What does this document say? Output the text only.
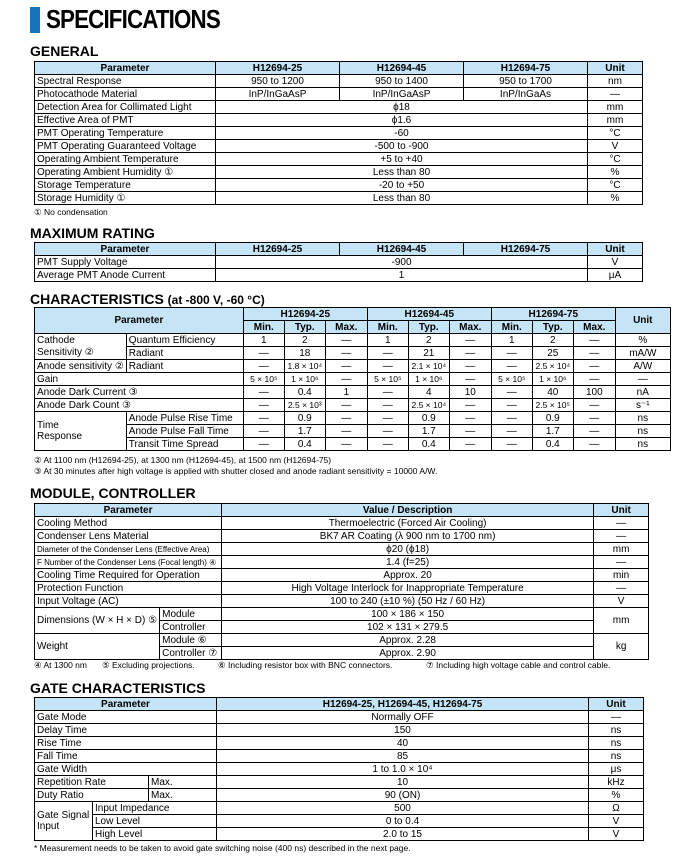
SPECIFICATIONS
GENERAL
Parameter	H12694-25	H12694-45	H12694-75	Unit
Spectral Response	950 to 1200	950 to 1400	950 to 1700	nm
Photocathode Material	InP/InGaAsP	InP/InGaAsP	InP/InGaAs	—
Detection Area for Collimated Light	ϕ18			mm
Effective Area of PMT	ϕ1.6			mm
PMT Operating Temperature	-60			°C
PMT Operating Guaranteed Voltage	-500 to -900			V
Operating Ambient Temperature	+5 to +40			°C
Operating Ambient Humidity ①	Less than 80			%
Storage Temperature	-20 to +50			°C
Storage Humidity ①	Less than 80			%
① No condensation
MAXIMUM RATING
Parameter	H12694-25	H12694-45	H12694-75	Unit
PMT Supply Voltage	-900			V
Average PMT Anode Current	1			μA
CHARACTERISTICS (at -800 V, -60 °C)
Parameter		H12694-25			H12694-45			H12694-75			Unit
		Min.	Typ.	Max.	Min.	Typ.	Max.	Min.	Typ.	Max.	
Cathode	Quantum Efficiency	1	2	—	1	2	—	1	2	—	%
Sensitivity ②	Radiant	—	18	—	—	21	—	—	25	—	mA/W
Anode sensitivity ②	Radiant	—	1.8 × 10⁴	—	—	2.1 × 10⁴	—	—	2.5 × 10⁴	—	A/W
Gain		5 × 10⁵	1 × 10⁶	—	5 × 10⁵	1 × 10⁶	—	5 × 10⁵	1 × 10⁶	—	—
Anode Dark Current ③		—	0.4	1	—	4	10	—	40	100	nA
Anode Dark Count ③		—	2.5 × 10³	—	—	2.5 × 10⁴	—	—	2.5 × 10⁵	—	s⁻¹
Time
Response	Anode Pulse Rise Time	—	0.9	—	—	0.9	—	—	0.9	—	ns
	Anode Pulse Fall Time	—	1.7	—	—	1.7	—	—	1.7	—	ns
	Transit Time Spread	—	0.4	—	—	0.4	—	—	0.4	—	ns
② At 1100 nm (H12694-25), at 1300 nm (H12694-45), at 1500 nm (H12694-75)
③ At 30 minutes after high voltage is applied with shutter closed and anode radiant sensitivity = 10000 A/W.
MODULE, CONTROLLER
Parameter		Value / Description	Unit
Cooling Method		Thermoelectric (Forced Air Cooling)	—
Condenser Lens Material		BK7 AR Coating (λ 900 nm to 1700 nm)	—
Diameter of the Condenser Lens (Effective Area)		ϕ20 (ϕ18)	mm
F Number of the Condenser Lens (Focal length) ④		1.4 (f=25)	—
Cooling Time Required for Operation		Approx. 20	min
Protection Function		High Voltage Interlock for Inappropriate Temperature	—
Input Voltage (AC)		100 to 240 (±10 %) (50 Hz / 60 Hz)	V
Dimensions (W × H × D) ⑤	Module	100 × 186 × 150	mm
	Controller	102 × 131 × 279.5	
Weight	Module ⑥	Approx. 2.28	kg
	Controller ⑦	Approx. 2.90	
④ At 1300 nm ⑤ Excluding projections.	⑥ Including resistor box with BNC connectors.	⑦ Including high voltage cable and control cable.
GATE CHARACTERISTICS
Parameter			H12694-25, H12694-45, H12694-75	Unit
Gate Mode			Normally OFF	—
Delay Time			150	ns
Rise Time			40	ns
Fall Time			85	ns
Gate Width			1 to 1.0 × 10⁴	μs
Repetition Rate		Max.	10	kHz
Duty Ratio		Max.	90 (ON)	%
Gate Signal
Input	Input Impedance		500	Ω
	Low Level		0 to 0.4	V
	High Level		2.0 to 15	V
* Measurement needs to be taken to avoid gate switching noise (400 ns) described in the next page.
